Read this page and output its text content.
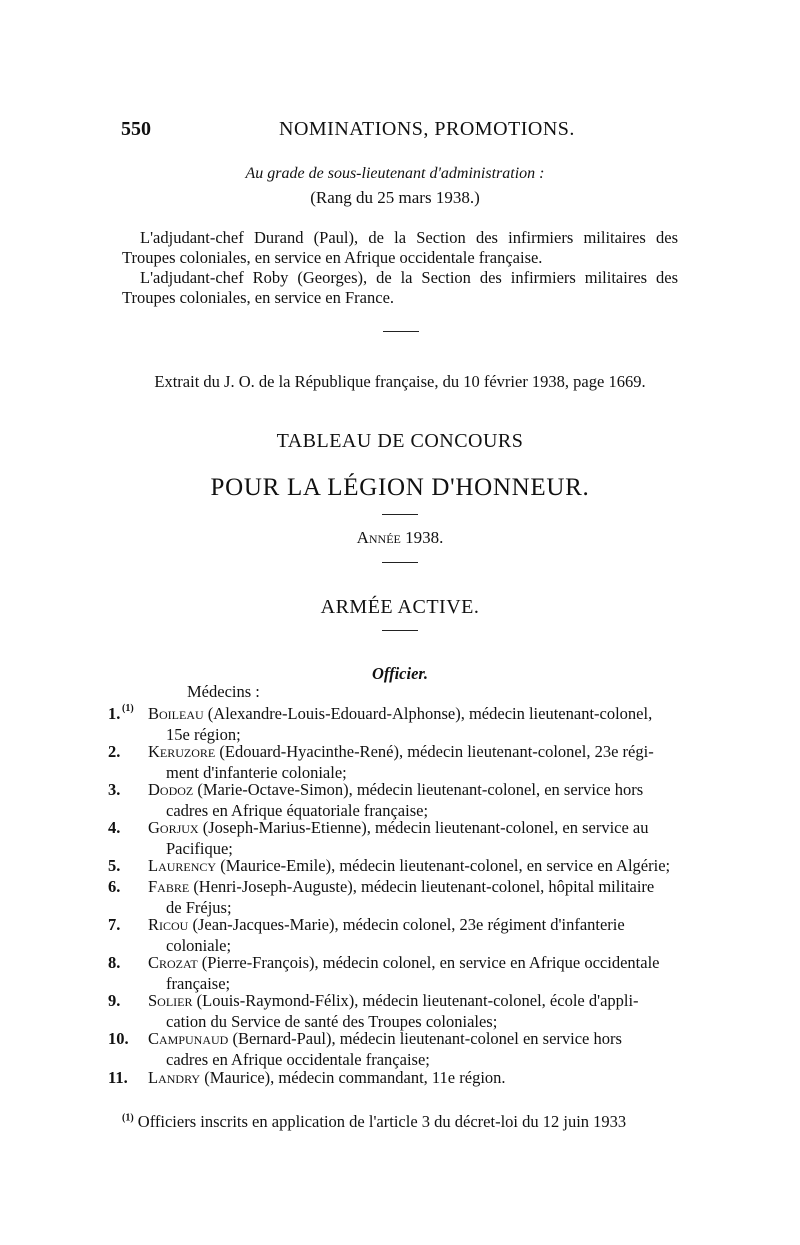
550	NOMINATIONS, PROMOTIONS.
Au grade de sous-lieutenant d'administration :
(Rang du 25 mars 1938.)
L'adjudant-chef Durand (Paul), de la Section des infirmiers militaires des Troupes coloniales, en service en Afrique occidentale française.
L'adjudant-chef Roby (Georges), de la Section des infirmiers militaires des Troupes coloniales, en service en France.
Extrait du J. O. de la République française, du 10 février 1938, page 1669.
TABLEAU DE CONCOURS
POUR LA LÉGION D'HONNEUR.
Année 1938.
ARMÉE ACTIVE.
Officier.
Médecins :
(1)
1.	Boileau (Alexandre-Louis-Edouard-Alphonse), médecin lieutenant-colonel,
15e région;
2.	Keruzore (Edouard-Hyacinthe-René), médecin lieutenant-colonel, 23e régi-
ment d'infanterie coloniale;
3.	Dodoz (Marie-Octave-Simon), médecin lieutenant-colonel, en service hors
cadres en Afrique équatoriale française;
4.	Gorjux (Joseph-Marius-Etienne), médecin lieutenant-colonel, en service au
Pacifique;
5.	Laurency (Maurice-Emile), médecin lieutenant-colonel, en service en Algérie;
6.	Fabre (Henri-Joseph-Auguste), médecin lieutenant-colonel, hôpital militaire
de Fréjus;
7.	Ricou (Jean-Jacques-Marie), médecin colonel, 23e régiment d'infanterie
coloniale;
8.	Crozat (Pierre-François), médecin colonel, en service en Afrique occidentale
française;
9.	Solier (Louis-Raymond-Félix), médecin lieutenant-colonel, école d'appli-
cation du Service de santé des Troupes coloniales;
10.	Campunaud (Bernard-Paul), médecin lieutenant-colonel en service hors
cadres en Afrique occidentale française;
11.	Landry (Maurice), médecin commandant, 11e région.
$^{(1)}$ Officiers inscrits en application de l'article 3 du décret-loi du 12 juin 1933
